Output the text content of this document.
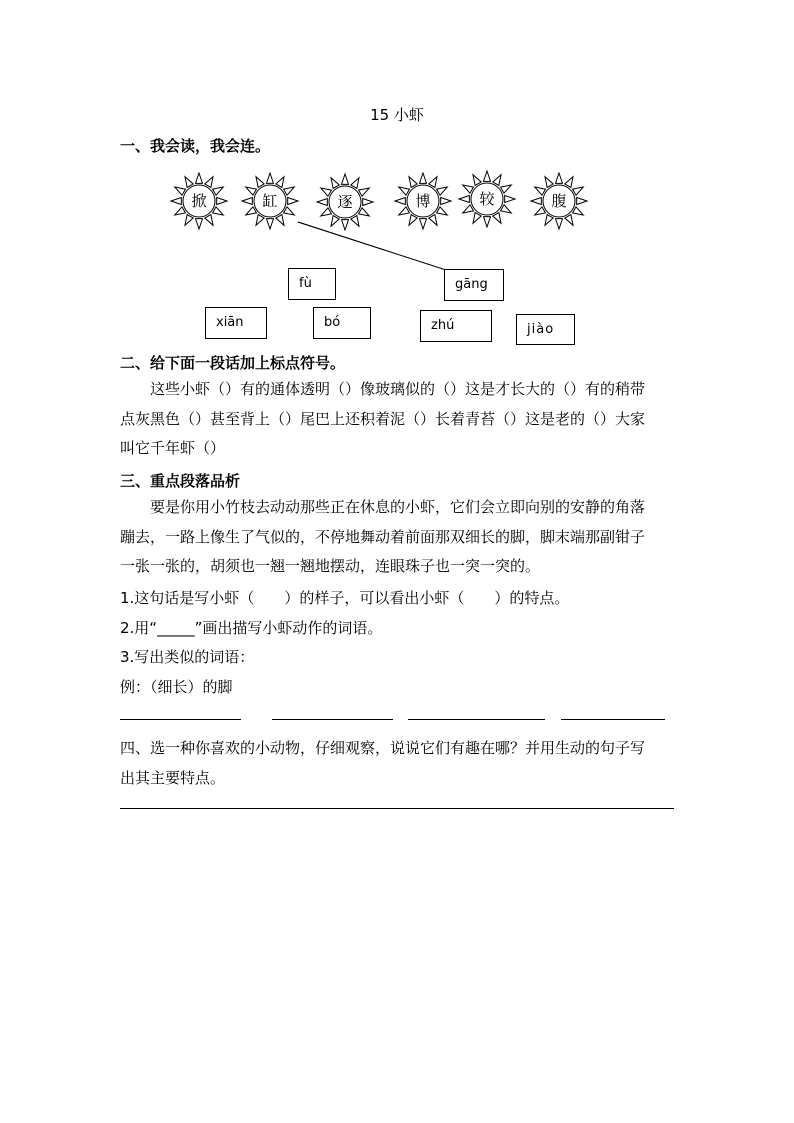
15 小虾
一、我会读，我会连。
掀	缸	逐	博	较	腹
fù	gāng
xiān	bó	zhú	jiào
二、给下面一段话加上标点符号。
这些小虾（）有的通体透明（）像玻璃似的（）这是才长大的（）有的稍带
点灰黑色（）甚至背上（）尾巴上还积着泥（）长着青苔（）这是老的（）大家
叫它千年虾（）
三、重点段落品析
要是你用小竹枝去动动那些正在休息的小虾，它们会立即向别的安静的角落
蹦去，一路上像生了气似的，不停地舞动着前面那双细长的脚，脚末端那副钳子
一张一张的，胡须也一翘一翘地摆动，连眼珠子也一突一突的。
1.这句话是写小虾（　　）的样子，可以看出小虾（　　）的特点。
2.用“_____”画出描写小虾动作的词语。
3.写出类似的词语：
例：（细长）的脚
四、选一种你喜欢的小动物，仔细观察，说说它们有趣在哪？并用生动的句子写
出其主要特点。
